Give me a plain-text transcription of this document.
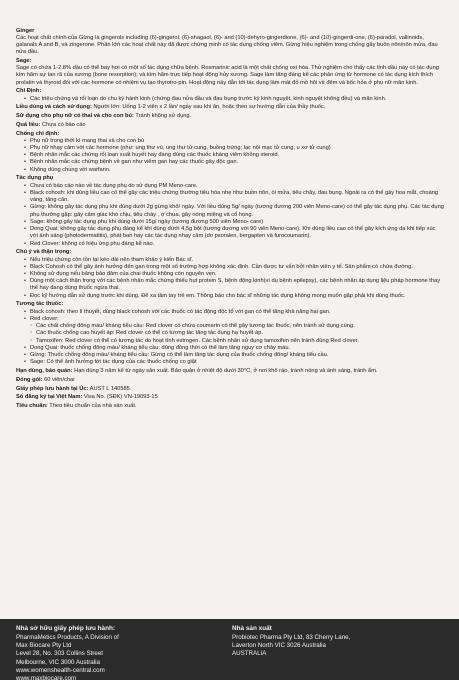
Ginger

Các hoạt chất chính của Gừng là gingerols including (6)-gingerol, (6)-shagaol, (6)- and (10)-dehyro-gingerdione, (6)- and (10)-gingerdi-one, (6)-paradol, vallinoids, galanals A and B, và zingerone. Phần lớn các hoạt chất này đã được chứng minh có tác dụng chống viêm. Gừng hiệu nghiệm trong chống gây buồn nôn/nôn mửa, đau nửa đầu.

Sage:

Sage có chứa 1-2.8% dầu có thể bay hơi có một số tác dụng chữa bệnh. Rosmarinic acid là một chất chống oxi hóa. Thử nghiệm cho thấy các tinh dầu này có tác dụng kìm hãm sự tan rã của xương (bone resorption); và kìm hãm trực tiếp hoạt động hủy xương. Sage làm tăng đáng kể các phản ứng từ hormone có tác dụng kích thích prolatin và thyroid đối với các hormone có nhiệm vụ tạo thyrotro-pin. Hoạt động này dẫn tới tác dụng làm mát đỏ mồ hôi về đêm và bốc hỏa ở phụ nữ mãn kinh.

Chỉ Định:
• Các triệu chứng và rối loạn do chu kỳ hành kinh (chứng đau nửa đầu và đau bụng trước kỳ kinh nguyệt, kinh nguyệt không đều) và mãn kinh.

Liều dùng và cách sử dụng: Người lớn: Uống 1-2 viên x 2 lần/ ngày sau khi ăn, hoặc theo sự hướng dẫn của thầy thuốc.

Sử dụng cho phụ nữ có thai và cho con bú: Tránh không sử dụng.

Quá liều: Chưa có báo cáo

Chống chỉ định:
• Phụ nữ trong thời kì mang thai và cho con bú
• Phụ nữ nhạy cảm với các hormone (như: ung thư vú, ung thư tử cung, buồng trứng; lạc nội mạc tử cung; u xơ tử cung)
• Bệnh nhân mắc các chứng rối loạn xuất huyết hay đang dùng các thuốc kháng viêm không steroid.
• Bệnh nhân mắc các chứng bệnh về gan như viêm gan hay các thuốc gây độc gan.
• Không dùng chung với warfarin.
Tác dụng phụ
• Chưa có báo cáo nào về tác dụng phụ do sử dụng PM Meno-care.
• Black cohosh: khi dùng liều cao có thể gây các triệu chứng thường tiêu hóa nhẹ như buồn nôn, ói mửa, tiêu chảy, đau bụng. Ngoài ra có thể gây hoa mắt, choáng váng, tăng cân.
• Gừng: không gây tác dụng phụ khi dùng dưới 2g gừng khô/ ngày. Với liều dùng 5g/ ngày (tương đương 200 viên Meno-care) có thể gây tác dụng phụ. Các tác dụng phụ thường gặp: gây cảm giác khó chịu, tiêu chảy , ợ chua, gây nóng miệng và cổ họng.
• Sage: không gây tác dụng phụ khi dùng dưới 15g/ ngày (tương đương 500 viên Meno- care)
• Dong Quai: không gây tác dụng phụ đáng kể khi dùng dưới 4,5g bột (tương đương với 90 viên Meno-care). Khi dùng liều cao có thể gây kích ứng da khi tiếp xúc với ánh sáng (photodermatitis), phát ban hay các tác dụng nhạy cảm (do psoralen, bergapten và furocoumarin).
• Red Clover: không có hiệu ứng phụ đáng kể nào.
Chú ý và thận trọng:
• Nếu triệu chứng còn tồn tại kéo dài nên tham khảo ý kiến Bác sĩ.
• Black Cohosh có thể gây ảnh hưởng đến gan trong một số trường hợp không xác định. Cần được tư vấn bởi nhân viên y tế. Sản phẩm có chứa đường.
• Không sử dụng nếu bảng bảo đảm của chai thuốc không còn nguyên vẹn.
• Dùng một cách thận trọng với các bệnh nhân mắc chứng thiếu hụt protein S, bệnh động kinh(vì dụ bệnh epilepsy), các bệnh nhân áp dụng liệu pháp hormone thay thế hay đang dùng thuốc ngừa thai.
• Đọc kỹ hướng dẫn sử dụng trước khi dùng. Để xa tầm tay trẻ em. Thông báo cho bác sĩ những tác dụng không mong muốn gặp phải khi dùng thuốc.
Tương tác thuốc:
• Black cohosh: theo lí thuyết, dùng black cohosh với các thuốc có tác động độc tố với gan có thể tăng khả năng hại gan.
• Red clover:
◦ Các chất chống đông máu/ kháng tiểu cầu: Red clover có chứa coumarin có thể gây tương tác thuốc, nên tránh sử dụng cùng.
◦ Các thuốc chống cao huyết áp: Red clover có thể có tương tác tăng tác dụng hạ huyết áp.
◦ Tamoxifen: Red clover có thể có tương tác do hoạt tính estrogen. Các bệnh nhân sử dụng tamoxifen nên tránh dùng Red clover.
• Dong Quai: thuốc chống đông máu/ kháng tiểu cầu: dùng đồng thời có thể làm tăng nguy cơ chảy máu.
• Gừng: Thuốc chống đông máu/ kháng tiểu cầu: Gừng có thể làm tăng tác dụng của thuốc chống đông/ kháng tiểu cầu.
• Sage: Có thể ảnh hưởng tới tác dụng của các thuốc chống co giật

Hạn dùng, bảo quản: Hạn dùng 3 năm kể từ ngày sản xuất. Bảo quản ở nhiệt độ dưới 30°C, ở nơi khô ráo, tránh nóng và ánh sáng, tránh ẩm.

Đóng gói: 60 viên/chai

Giấy phép lưu hành tại Úc: AUST L 140585

Số đăng ký tại Việt Nam: Visa No. (SĐK) VN-19093-15

Tiêu chuẩn: Theo tiêu chuẩn của nhà sản xuất.

Nhà sở hữu giấy phép lưu hành:
PharmaMetics Products, A Division of
Max Biocare Pty Ltd
Level 28, No. 303 Collins Street
Melbourne, VIC 3000 Australia
www.womenshealth-central.com
www.maxbiocare.com
Nhà sản xuất
Probiotec Pharma Pty Ltd, 83 Cherry Lane,
Laverton North VIC 3026 Australia
AUSTRALIA
